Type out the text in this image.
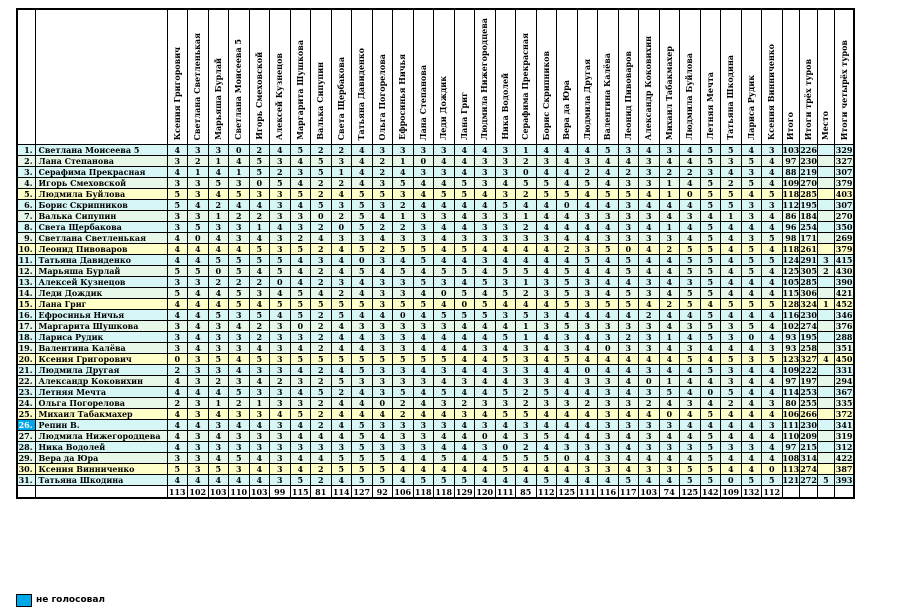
		Ксения Григорович	Светлана Светленькая	Марьяша Бурлай	Светлана Моисеева 5	Игорь Смеховской	Алексей Кузнецов	Маргарита Шушкова	Валька Сипупин	Света Щербакова	Татьяна Давиденко	Ольга Погорелова	Ефросинья Ничья	Лана Степанова	Леди Дождик	Лана Григ	Людмила Нижегородцева	Ника Водолей	Серафима Прекрасная	Борис Скрипников	Вера да Юра	Людмила Другая	Валентина Калёва	Леонид Пивоваров	Александр Коковихин	Михаил Табакмахер	Людмила Буйлова	Летняя Мечта	Татьяна Шкодина	Лариса Рудик	Ксения Винниченко	Итого	Итоги трёх туров	Место	Итоги четырёх туров

1.	Светлана Моисеева 5	4	3	3	0	2	4	5	2	2	4	3	3	3	3	4	4	3	1	4	4	4	5	3	4	3	4	5	5	4	3	103	226		329
2.	Лана Степанова	3	2	1	4	5	3	4	5	3	4	2	1	0	4	4	3	3	2	3	4	3	4	4	3	4	4	5	3	5	4	97	230		327
3.	Серафима Прекрасная	4	1	4	1	5	2	3	5	1	4	2	4	3	3	4	3	3	0	4	4	2	4	2	3	2	2	3	4	3	4	88	219		307
4.	Игорь Смеховской	3	3	5	3	0	5	4	2	2	4	3	5	4	4	5	3	4	5	5	4	5	4	3	3	1	4	5	2	5	4	109	270		379
5.	Людмила Буйлова	5	3	4	5	3	3	5	2	4	5	5	3	4	5	5	4	3	2	5	5	4	5	5	4	1	0	5	5	4	5	118	285		403
6.	Борис Скрипников	5	4	2	4	4	3	4	5	3	5	3	2	4	4	4	4	5	4	4	0	4	4	3	4	4	4	5	5	3	3	112	195		307
7.	Валька Сипупин	3	3	1	2	2	3	3	0	2	5	4	1	3	3	4	3	3	1	4	4	3	3	3	3	4	3	4	1	3	4	86	184		270
8.	Света Щербакова	3	5	3	3	1	4	3	2	0	5	2	2	3	4	4	3	3	2	4	4	4	4	3	4	1	4	5	4	4	4	96	254		350
9.	Светлана Светленькая	4	0	4	3	4	3	2	4	3	3	4	3	3	4	3	3	3	3	3	4	4	3	3	3	3	4	5	4	3	5	98	171		269
10.	Леонид Пивоваров	4	4	4	4	5	3	5	2	4	5	2	5	5	4	5	4	4	4	4	2	3	5	0	4	2	5	5	4	5	4	118	261		379
11.	Татьяна Давиденко	4	4	5	5	5	5	4	3	4	0	3	4	5	4	4	3	4	4	4	4	5	4	5	4	4	5	5	4	5	5	124	291	3	415
12.	Марьяша Бурлай	5	5	0	5	4	5	4	2	4	5	4	5	4	5	5	4	5	5	4	5	4	4	5	4	4	5	5	4	5	4	125	305	2	430
13.	Алексей Кузнецов	3	3	2	2	2	0	4	2	3	4	3	3	5	3	4	5	3	1	3	5	3	4	4	3	4	3	5	4	4	4	105	285		390
14.	Леди Дождик	5	4	4	5	3	4	5	4	2	4	3	3	4	0	5	4	5	2	3	5	3	4	5	3	4	5	5	4	4	4	115	306		421
15.	Лана Григ	4	4	4	5	4	5	5	5	5	5	3	5	5	4	0	5	4	4	4	5	3	5	5	4	2	5	4	5	5	5	128	324	1	452
16.	Ефросинья Ничья	4	4	5	3	5	4	5	2	5	4	4	0	4	5	5	5	3	5	3	4	4	4	4	2	4	4	5	4	4	4	116	230		346
17.	Маргарита Шушкова	3	4	3	4	2	3	0	2	4	3	3	3	3	3	4	4	4	1	3	5	3	3	3	3	4	3	5	3	5	4	102	274		376
18.	Лариса Рудик	3	4	3	3	2	3	3	2	4	4	3	3	4	4	4	4	5	1	4	3	4	3	2	3	1	4	5	3	0	4	93	195		288
19.	Валентина Калёва	3	4	3	3	4	3	4	2	4	4	3	3	4	4	4	3	4	3	4	3	4	0	3	3	4	3	4	4	4	3	93	258		351
20.	Ксения Григорович	0	3	5	4	5	3	5	5	5	5	5	5	5	5	4	4	5	3	4	5	4	4	4	4	4	5	4	5	3	5	123	327	4	450
21.	Людмила Другая	2	3	3	4	3	3	4	2	4	5	3	3	4	3	4	4	3	3	4	4	0	4	4	3	4	4	5	3	4	4	109	222		331
22.	Александр Коковихин	4	3	2	3	4	2	3	2	5	3	3	3	3	4	3	4	4	3	3	4	3	3	4	0	1	4	4	3	4	4	97	197		294
23.	Летняя Мечта	4	4	4	5	3	3	4	5	2	4	3	5	4	5	4	4	5	2	5	4	4	3	4	3	5	4	0	5	4	4	114	253		367
24.	Ольга Погорелова	2	3	1	2	1	3	3	2	4	4	0	2	4	3	2	3	3	2	3	3	2	3	3	2	4	3	4	2	4	3	80	255		335
25.	Михаил Табакмахер	4	3	4	3	3	4	5	2	4	4	4	2	4	4	3	4	5	5	4	4	4	3	4	4	0	4	5	4	4	4	106	266		372
26.	Репин В.	4	4	3	4	4	3	4	2	4	5	3	3	3	3	4	3	4	3	4	4	4	3	3	3	3	4	4	4	4	3	111	230		341
27.	Людмила Нижегородцева	4	3	4	3	3	3	4	4	4	5	4	3	3	4	4	0	4	3	5	4	4	3	4	3	4	4	5	4	4	4	110	209		319
28.	Ника Водолей	4	3	3	3	3	3	3	3	3	5	3	3	3	4	4	3	0	2	4	3	3	3	4	3	3	3	5	3	3	4	97	215		312
29.	Вера да Юра	3	3	4	5	4	3	4	4	5	5	5	4	4	5	4	4	5	5	5	0	4	3	4	4	4	4	5	4	4	4	108	314		422
30.	Ксения Винниченко	5	3	5	3	4	3	4	2	5	5	5	4	4	4	4	4	5	4	4	4	3	3	4	3	3	5	5	4	4	0	113	274		387
31.	Татьяна Шкодина	4	4	4	4	4	3	5	2	4	5	5	4	5	5	5	4	4	4	5	4	4	4	5	4	4	5	5	0	5	5	121	272	5	393
		113	102	103	110	103	99	115	81	114	127	92	106	118	118	129	120	111	85	112	125	111	116	117	103	74	125	142	109	132	112				
не голосовал
